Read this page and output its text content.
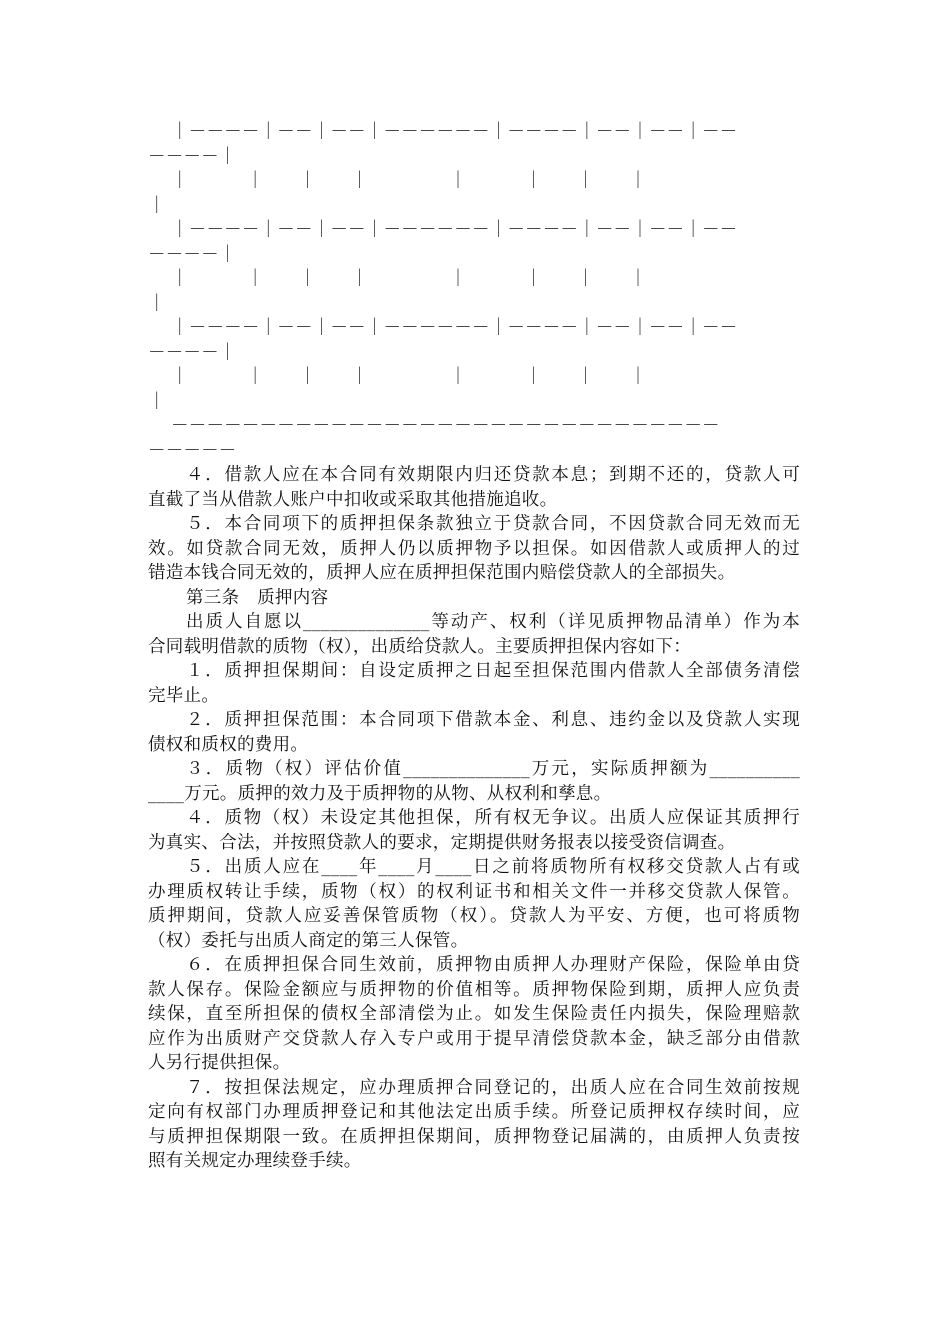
｜－－－－｜－－｜－－｜－－－－－－｜－－－－｜－－｜－－｜－－
－－－－｜
｜          ｜      ｜      ｜              ｜          ｜      ｜      ｜
｜
｜－－－－｜－－｜－－｜－－－－－－｜－－－－｜－－｜－－｜－－
－－－－｜
｜          ｜      ｜      ｜              ｜          ｜      ｜      ｜
｜
｜－－－－｜－－｜－－｜－－－－－－｜－－－－｜－－｜－－｜－－
－－－－｜
｜          ｜      ｜      ｜              ｜          ｜      ｜      ｜
｜
－－－－－－－－－－－－－－－－－－－－－－－－－－－－－－－
－－－－－
４．借款人应在本合同有效期限内归还贷款本息；到期不还的，贷款人可
直截了当从借款人账户中扣收或采取其他措施追收。
５．本合同项下的质押担保条款独立于贷款合同，不因贷款合同无效而无
效。如贷款合同无效，质押人仍以质押物予以担保。如因借款人或质押人的过
错造本钱合同无效的，质押人应在质押担保范围内赔偿贷款人的全部损失。
第三条　质押内容
出质人自愿以______________等动产、权利（详见质押物品清单）作为本
合同载明借款的质物（权），出质给贷款人。主要质押担保内容如下：
１．质押担保期间：自设定质押之日起至担保范围内借款人全部债务清偿
完毕止。
２．质押担保范围：本合同项下借款本金、利息、违约金以及贷款人实现
债权和质权的费用。
３．质物（权）评估价值______________万元，实际质押额为__________
____万元。质押的效力及于质押物的从物、从权利和孳息。
４．质物（权）未设定其他担保，所有权无争议。出质人应保证其质押行
为真实、合法，并按照贷款人的要求，定期提供财务报表以接受资信调查。
５．出质人应在____年____月____日之前将质物所有权移交贷款人占有或
办理质权转让手续，质物（权）的权利证书和相关文件一并移交贷款人保管。
质押期间，贷款人应妥善保管质物（权）。贷款人为平安、方便，也可将质物
（权）委托与出质人商定的第三人保管。
６．在质押担保合同生效前，质押物由质押人办理财产保险，保险单由贷
款人保存。保险金额应与质押物的价值相等。质押物保险到期，质押人应负责
续保，直至所担保的债权全部清偿为止。如发生保险责任内损失，保险理赔款
应作为出质财产交贷款人存入专户或用于提早清偿贷款本金，缺乏部分由借款
人另行提供担保。
７．按担保法规定，应办理质押合同登记的，出质人应在合同生效前按规
定向有权部门办理质押登记和其他法定出质手续。所登记质押权存续时间，应
与质押担保期限一致。在质押担保期间，质押物登记届满的，由质押人负责按
照有关规定办理续登手续。
